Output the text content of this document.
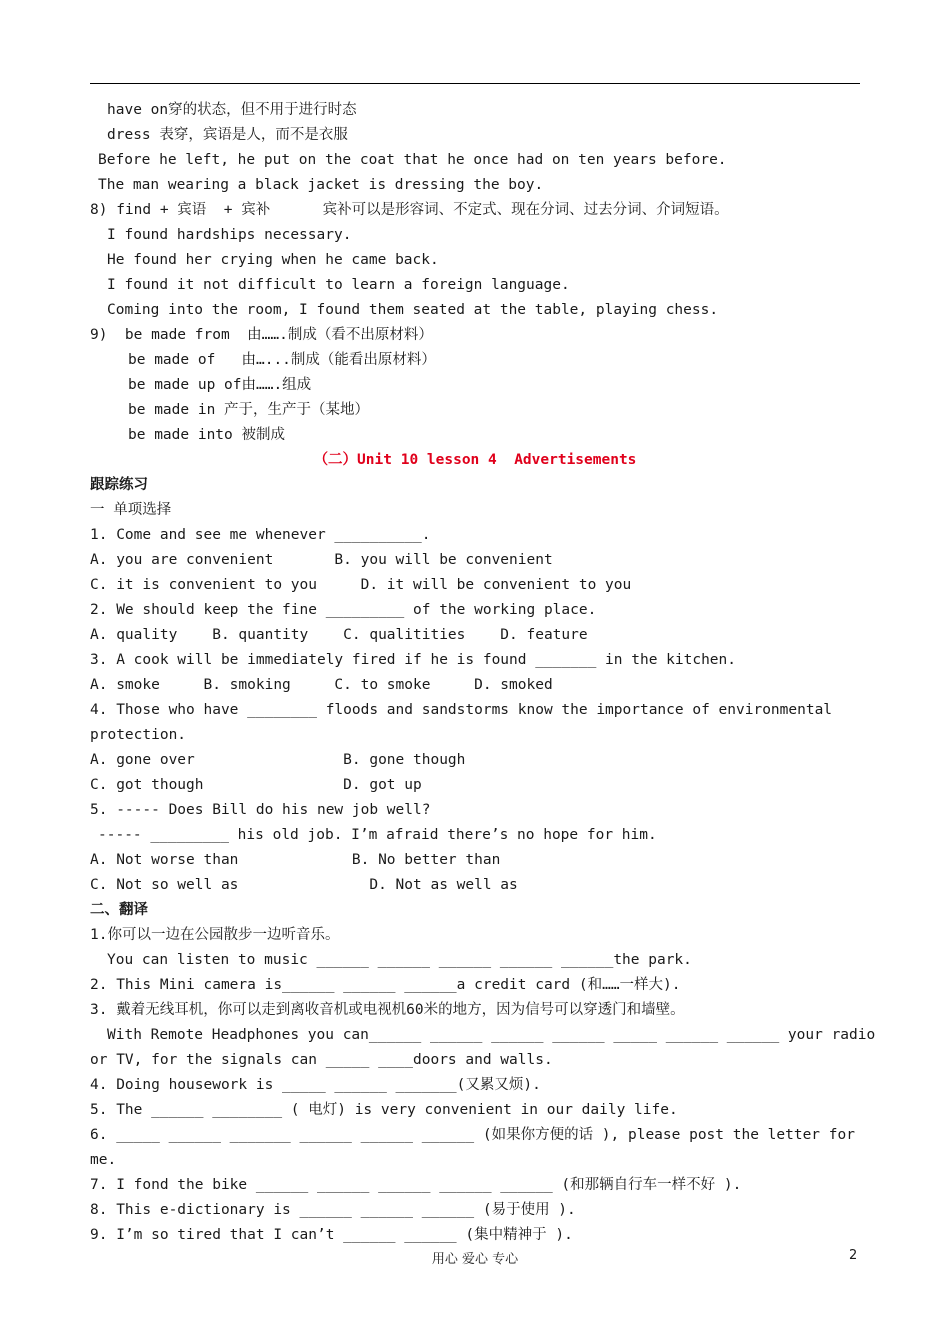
have on穿的状态，但不用于进行时态
dress 表穿，宾语是人，而不是衣服
Before he left, he put on the coat that he once had on ten years before.
The man wearing a black jacket is dressing the boy.
8) find + 宾语  + 宾补      宾补可以是形容词、不定式、现在分词、过去分词、介词短语。
I found hardships necessary.
He found her crying when he came back.
I found it not difficult to learn a foreign language.
Coming into the room, I found them seated at the table, playing chess.
9)  be made from  由…….制成（看不出原材料）
be made of   由…...制成（能看出原材料）
be made up of由…….组成
be made in 产于，生产于（某地）
be made into 被制成
（二）Unit 10 lesson 4  Advertisements
跟踪练习
一 单项选择
1. Come and see me whenever __________.
A. you are convenient       B. you will be convenient
C. it is convenient to you     D. it will be convenient to you
2. We should keep the fine _________ of the working place.
A. quality    B. quantity    C. qualitities    D. feature
3. A cook will be immediately fired if he is found _______ in the kitchen.
A. smoke     B. smoking     C. to smoke     D. smoked
4. Those who have ________ floods and sandstorms know the importance of environmental
protection.
A. gone over                 B. gone though
C. got though                D. got up
5. ----- Does Bill do his new job well?
----- _________ his old job. I’m afraid there’s no hope for him.
A. Not worse than             B. No better than
C. Not so well as               D. Not as well as
二、翻译
1.你可以一边在公园散步一边听音乐。
You can listen to music ______ ______ ______ ______ ______the park.
2. This Mini camera is______ ______ ______a credit card (和……一样大).
3. 戴着无线耳机，你可以走到离收音机或电视机60米的地方，因为信号可以穿透门和墙壁。
With Remote Headphones you can______ ______ ______ ______ _____ ______ ______ your radio
or TV, for the signals can _____ ____doors and walls.
4. Doing housework is _____ ______ _______(又累又烦).
5. The ______ ________ ( 电灯) is very convenient in our daily life.
6. _____ ______ _______ ______ ______ ______ (如果你方便的话 ), please post the letter for
me.
7. I fond the bike ______ ______ ______ ______ ______ (和那辆自行车一样不好 ).
8. This e-dictionary is ______ ______ ______ (易于使用 ).
9. I’m so tired that I can’t ______ ______ (集中精神于 ).
用心 爱心 专心	2
